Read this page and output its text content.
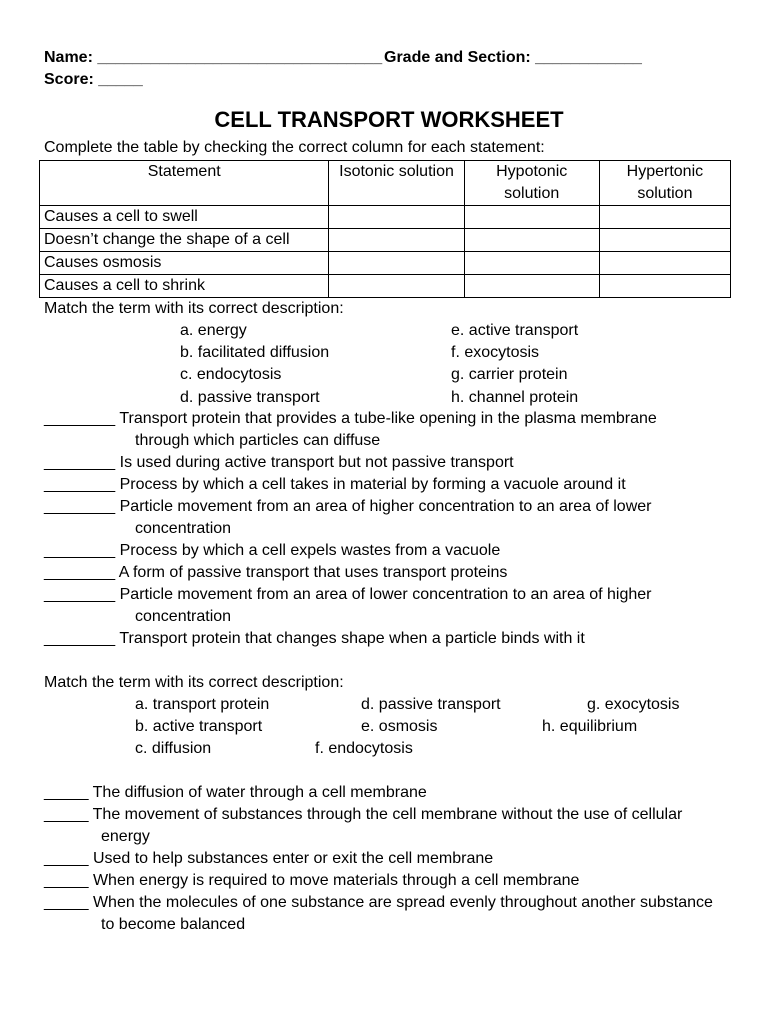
Name: ________________________________ Grade and Section: ____________
Score: _____
CELL TRANSPORT WORKSHEET
Complete the table by checking the correct column for each statement:
Statement	Isotonic solution	Hypotonic solution	Hypertonic solution
Causes a cell to swell			
Doesn’t change the shape of a cell			
Causes osmosis			
Causes a cell to shrink			
Match the term with its correct description:
a. energy
b. facilitated diffusion
c. endocytosis
d. passive transport
e. active transport
f. exocytosis
g. carrier protein
h. channel protein
________ Transport protein that provides a tube-like opening in the plasma membrane
through which particles can diffuse
________ Is used during active transport but not passive transport
________ Process by which a cell takes in material by forming a vacuole around it
________ Particle movement from an area of higher concentration to an area of lower
concentration
________ Process by which a cell expels wastes from a vacuole
________ A form of passive transport that uses transport proteins
________ Particle movement from an area of lower concentration to an area of higher
concentration
________ Transport protein that changes shape when a particle binds with it
Match the term with its correct description:
a. transport protein
b. active transport
c. diffusion
d. passive transport
e. osmosis
f. endocytosis
g. exocytosis
h. equilibrium
_____ The diffusion of water through a cell membrane
_____ The movement of substances through the cell membrane without the use of cellular
energy
_____ Used to help substances enter or exit the cell membrane
_____ When energy is required to move materials through a cell membrane
_____ When the molecules of one substance are spread evenly throughout another substance
to become balanced
